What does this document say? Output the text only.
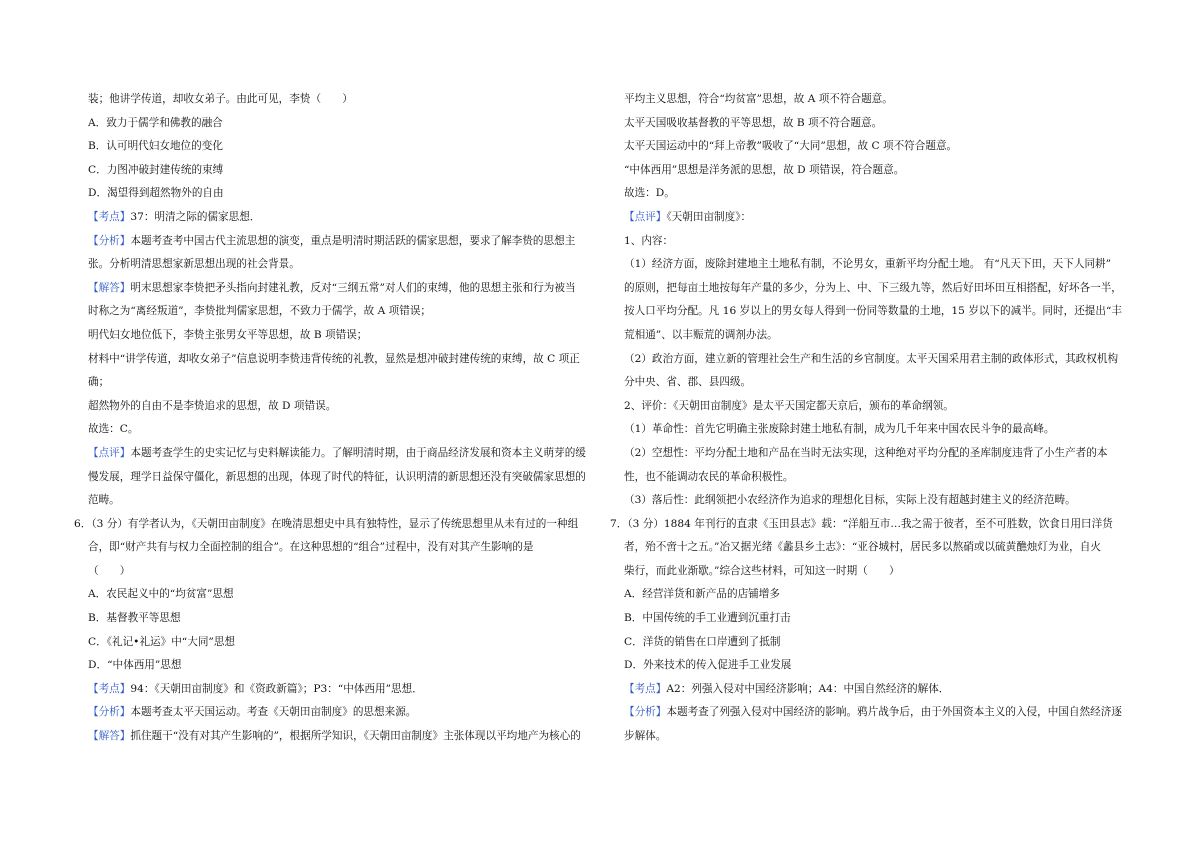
装；他讲学传道，却收女弟子。由此可见，李贽（　　）
A．致力于儒学和佛教的融合
B．认可明代妇女地位的变化
C．力图冲破封建传统的束缚
D．渴望得到超然物外的自由
【考点】37：明清之际的儒家思想．
【分析】本题考查考中国古代主流思想的演变，重点是明清时期活跃的儒家思想，要求了解李贽的思想主
张。分析明清思想家新思想出现的社会背景。
【解答】明末思想家李贽把矛头指向封建礼教，反对“三纲五常”对人们的束缚，他的思想主张和行为被当
时称之为“离经叛道”，李贽批判儒家思想，不致力于儒学，故 A 项错误；
明代妇女地位低下，李贽主张男女平等思想，故 B 项错误；
材料中“讲学传道，却收女弟子”信息说明李贽违背传统的礼教，显然是想冲破封建传统的束缚，故 C 项正
确；
超然物外的自由不是李贽追求的思想，故 D 项错误。
故选：C。
【点评】本题考查学生的史实记忆与史料解读能力。了解明清时期，由于商品经济发展和资本主义萌芽的缓
慢发展，理学日益保守僵化，新思想的出现，体现了时代的特征，认识明清的新思想还没有突破儒家思想的
范畴。
6．（3 分）有学者认为，《天朝田亩制度》在晚清思想史中具有独特性，显示了传统思想里从未有过的一种组
合，即“财产共有与权力全面控制的组合”。在这种思想的“组合”过程中，没有对其产生影响的是
（　　）
A．农民起义中的“均贫富”思想
B．基督教平等思想
C．《礼记•礼运》中“大同”思想
D．“中体西用”思想
【考点】94：《天朝田亩制度》和《资政新篇》；P3：“中体西用”思想．
【分析】本题考查太平天国运动。考查《天朝田亩制度》的思想来源。
【解答】抓住题干“没有对其产生影响的”，根据所学知识，《天朝田亩制度》主张体现以平均地产为核心的
平均主义思想，符合“均贫富”思想，故 A 项不符合题意。
太平天国吸收基督教的平等思想，故 B 项不符合题意。
太平天国运动中的“拜上帝教”吸收了“大同”思想，故 C 项不符合题意。
“中体西用”思想是洋务派的思想，故 D 项错误，符合题意。
故选：D。
【点评】《天朝田亩制度》：
1、内容：
（1）经济方面，废除封建地主土地私有制，不论男女，重新平均分配土地。 有“凡天下田，天下人同耕”
的原则，把每亩土地按每年产量的多少，分为上、中、下三级九等，然后好田坏田互相搭配，好坏各一半，
按人口平均分配。凡 16 岁以上的男女每人得到一份同等数量的土地，15 岁以下的减半。同时，还提出“丰
荒相通”、以丰赈荒的调剂办法。
（2）政治方面，建立新的管理社会生产和生活的乡官制度。太平天国采用君主制的政体形式，其政权机构
分中央、省、郡、县四级。
2、评价：《天朝田亩制度》是太平天国定都天京后，颁布的革命纲领。
（1）革命性：首先它明确主张废除封建土地私有制，成为几千年来中国农民斗争的最高峰。
（2）空想性：平均分配土地和产品在当时无法实现，这种绝对平均分配的圣库制度违背了小生产者的本
性，也不能调动农民的革命积极性。
（3）落后性：此纲领把小农经济作为追求的理想化目标，实际上没有超越封建主义的经济范畴。
7．（3 分）1884 年刊行的直隶《玉田县志》载：“洋船互市…我之需于彼者，至不可胜数，饮食日用曰洋货
者，殆不啻十之五。”冶又据光绪《蠡县乡土志》：“亚谷城村，居民多以熬硝或以硫黄醮烛灯为业，自火
柴行，而此业渐歇。”综合这些材料，可知这一时期（　　）
A．经营洋货和新产品的店铺增多
B．中国传统的手工业遭到沉重打击
C．洋货的销售在口岸遭到了抵制
D．外来技术的传入促进手工业发展
【考点】A2：列强入侵对中国经济影响；A4：中国自然经济的解体．
【分析】本题考查了列强入侵对中国经济的影响。鸦片战争后，由于外国资本主义的入侵，中国自然经济逐
步解体。
